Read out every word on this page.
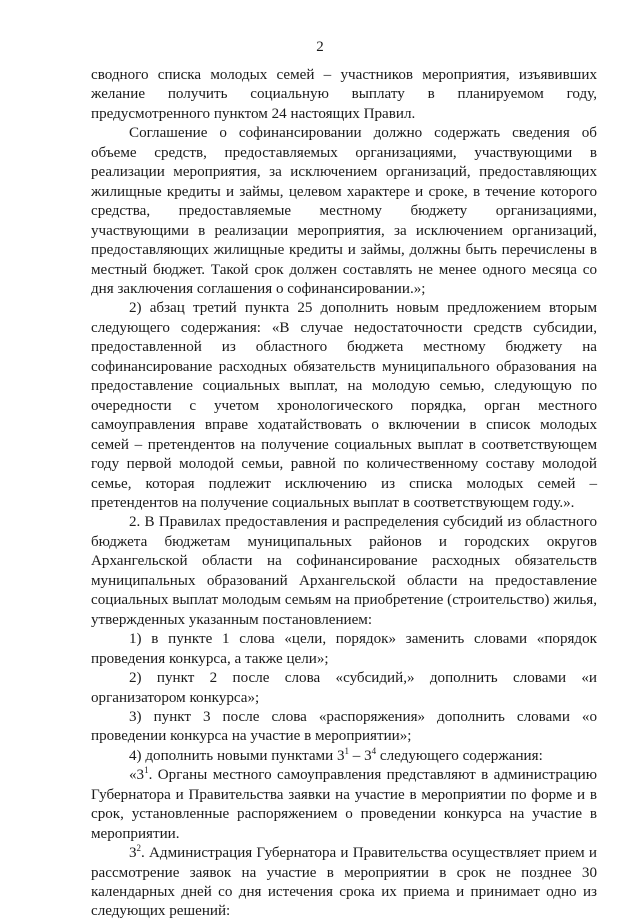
2

сводного списка молодых семей – участников мероприятия, изъявивших желание получить социальную выплату в планируемом году, предусмотренного пунктом 24 настоящих Правил.

Соглашение о софинансировании должно содержать сведения об объеме средств, предоставляемых организациями, участвующими в реализации мероприятия, за исключением организаций, предоставляющих жилищные кредиты и займы, целевом характере и сроке, в течение которого средства, предоставляемые местному бюджету организациями, участвующими в реализации мероприятия, за исключением организаций, предоставляющих жилищные кредиты и займы, должны быть перечислены в местный бюджет. Такой срок должен составлять не менее одного месяца со дня заключения соглашения о софинансировании.»;

2) абзац третий пункта 25 дополнить новым предложением вторым следующего содержания: «В случае недостаточности средств субсидии, предоставленной из областного бюджета местному бюджету на софинансирование расходных обязательств муниципального образования на предоставление социальных выплат, на молодую семью, следующую по очередности с учетом хронологического порядка, орган местного самоуправления вправе ходатайствовать о включении в список молодых семей – претендентов на получение социальных выплат в соответствующем году первой молодой семьи, равной по количественному составу молодой семье, которая подлежит исключению из списка молодых семей – претендентов на получение социальных выплат в соответствующем году.».

2. В Правилах предоставления и распределения субсидий из областного бюджета бюджетам муниципальных районов и городских округов Архангельской области на софинансирование расходных обязательств муниципальных образований Архангельской области на предоставление социальных выплат молодым семьям на приобретение (строительство) жилья, утвержденных указанным постановлением:

1) в пункте 1 слова «цели, порядок» заменить словами «порядок проведения конкурса, а также цели»;

2) пункт 2 после слова «субсидий,» дополнить словами «и организатором конкурса»;

3) пункт 3 после слова «распоряжения» дополнить словами «о проведении конкурса на участие в мероприятии»;

4) дополнить новыми пунктами $3^1 - 3^4$ следующего содержания:

«$3^1$. Органы местного самоуправления представляют в администрацию Губернатора и Правительства заявки на участие в мероприятии по форме и в срок, установленные распоряжением о проведении конкурса на участие в мероприятии.

$3^2$. Администрация Губернатора и Правительства осуществляет прием и рассмотрение заявок на участие в мероприятии в срок не позднее 30 календарных дней со дня истечения срока их приема и принимает одно из следующих решений:
